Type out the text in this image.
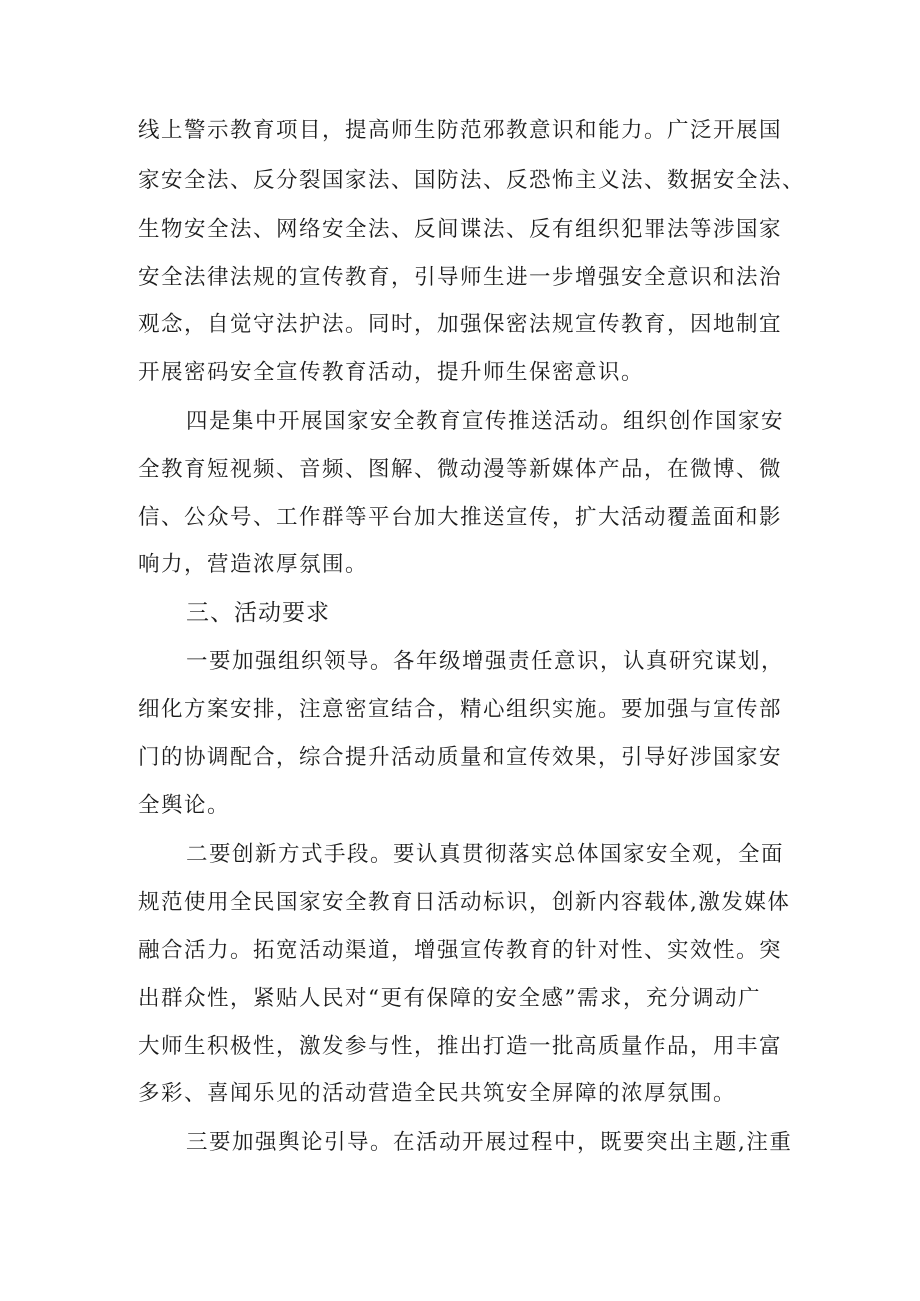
线上警示教育项目，提高师生防范邪教意识和能力。广泛开展国
家安全法、反分裂国家法、国防法、反恐怖主义法、数据安全法、
生物安全法、网络安全法、反间谍法、反有组织犯罪法等涉国家
安全法律法规的宣传教育，引导师生进一步增强安全意识和法治
观念，自觉守法护法。同时，加强保密法规宣传教育，因地制宜
开展密码安全宣传教育活动，提升师生保密意识。
四是集中开展国家安全教育宣传推送活动。组织创作国家安
全教育短视频、音频、图解、微动漫等新媒体产品，在微博、微
信、公众号、工作群等平台加大推送宣传，扩大活动覆盖面和影
响力，营造浓厚氛围。
三、活动要求
一要加强组织领导。各年级增强责任意识，认真研究谋划，
细化方案安排，注意密宣结合，精心组织实施。要加强与宣传部
门的协调配合，综合提升活动质量和宣传效果，引导好涉国家安
全舆论。
二要创新方式手段。要认真贯彻落实总体国家安全观，全面
规范使用全民国家安全教育日活动标识，创新内容载体,激发媒体
融合活力。拓宽活动渠道，增强宣传教育的针对性、实效性。突
出群众性，紧贴人民对“更有保障的安全感”需求，充分调动广
大师生积极性，激发参与性，推出打造一批高质量作品，用丰富
多彩、喜闻乐见的活动营造全民共筑安全屏障的浓厚氛围。
三要加强舆论引导。在活动开展过程中，既要突出主题,注重
